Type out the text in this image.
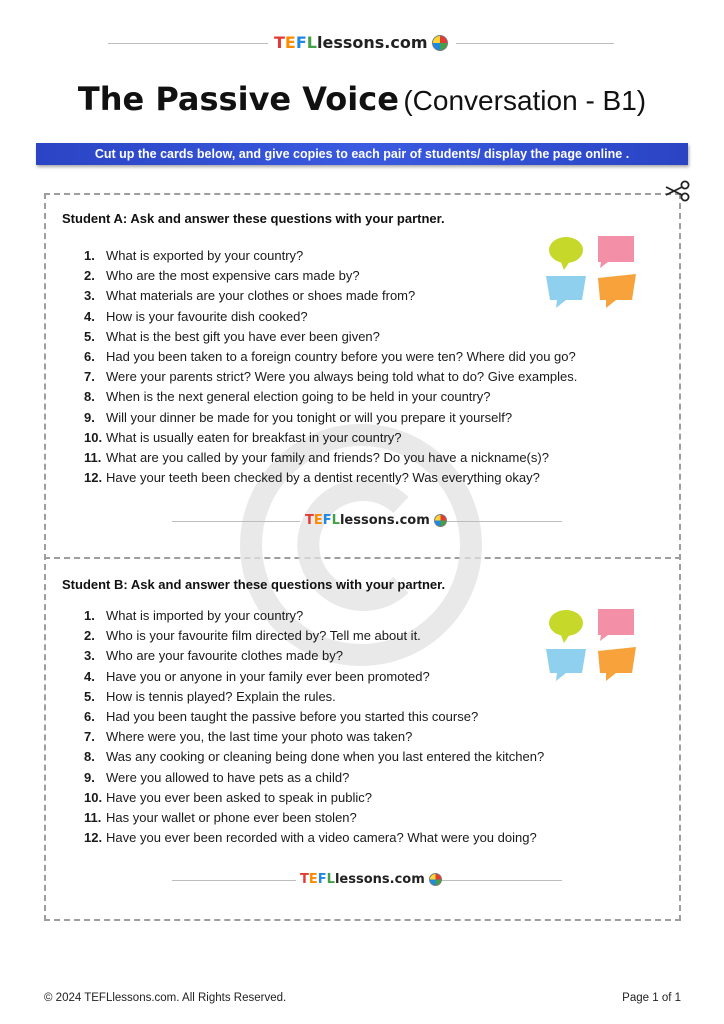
TEFLlessons.com
The Passive Voice (Conversation - B1)
Cut up the cards below, and give copies to each pair of students/ display the page online .
Student A: Ask and answer these questions with your partner.
1. What is exported by your country?
2. Who are the most expensive cars made by?
3. What materials are your clothes or shoes made from?
4. How is your favourite dish cooked?
5. What is the best gift you have ever been given?
6. Had you been taken to a foreign country before you were ten? Where did you go?
7. Were your parents strict? Were you always being told what to do? Give examples.
8. When is the next general election going to be held in your country?
9. Will your dinner be made for you tonight or will you prepare it yourself?
10. What is usually eaten for breakfast in your country?
11. What are you called by your family and friends? Do you have a nickname(s)?
12. Have your teeth been checked by a dentist recently? Was everything okay?
TEFLlessons.com
Student B: Ask and answer these questions with your partner.
1. What is imported by your country?
2. Who is your favourite film directed by? Tell me about it.
3. Who are your favourite clothes made by?
4. Have you or anyone in your family ever been promoted?
5. How is tennis played? Explain the rules.
6. Had you been taught the passive before you started this course?
7. Where were you, the last time your photo was taken?
8. Was any cooking or cleaning being done when you last entered the kitchen?
9. Were you allowed to have pets as a child?
10. Have you ever been asked to speak in public?
11. Has your wallet or phone ever been stolen?
12. Have you ever been recorded with a video camera? What were you doing?
TEFLlessons.com
© 2024 TEFLlessons.com. All Rights Reserved.	Page 1 of 1
